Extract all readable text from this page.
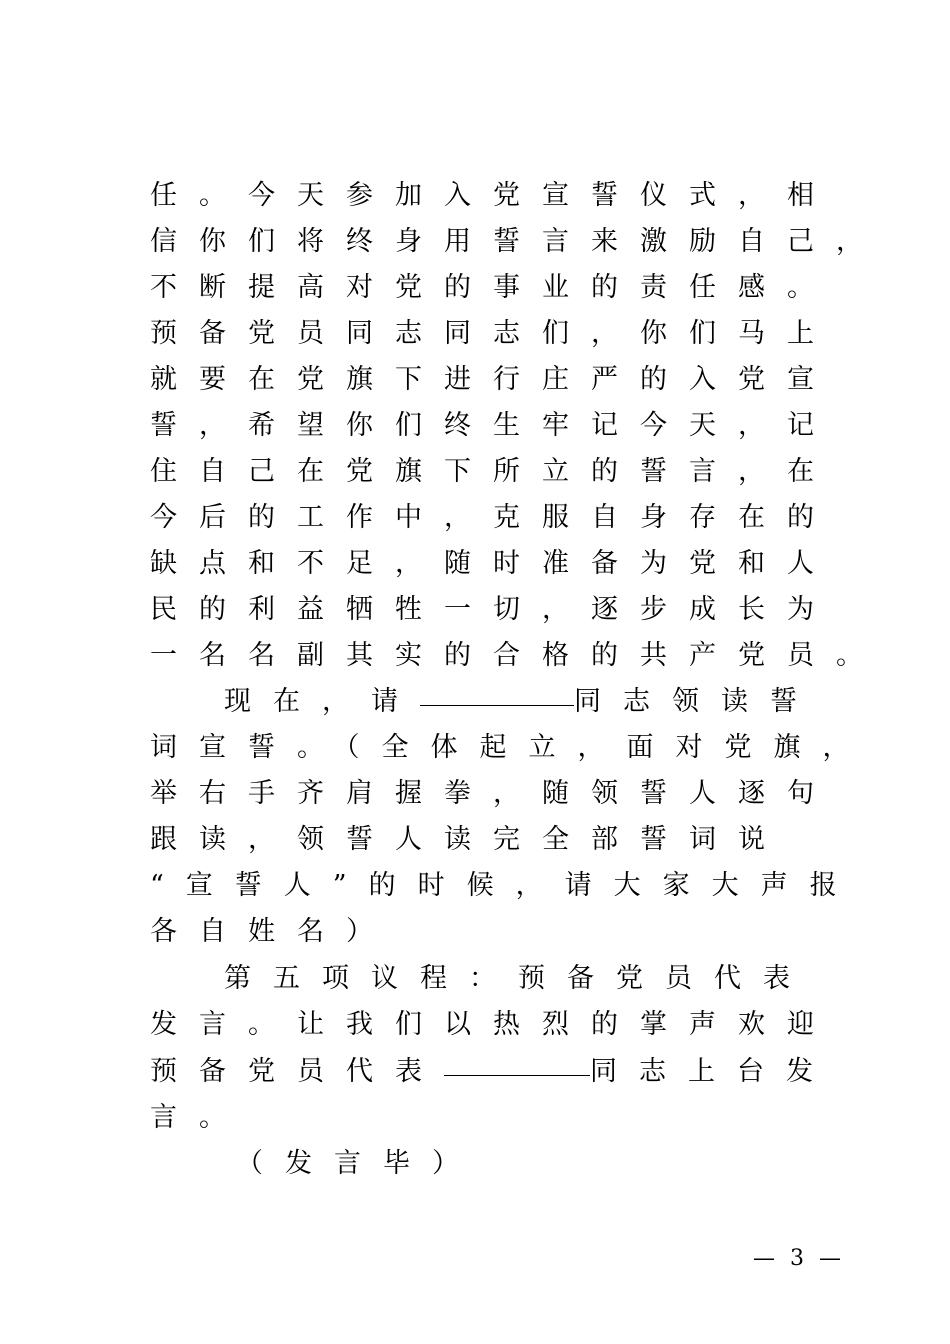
任。今天参加入党宣誓仪式，相
信你们将终身用誓言来激励自己，
不断提高对党的事业的责任感。
预备党员同志同志们，你们马上
就要在党旗下进行庄严的入党宣
誓，希望你们终生牢记今天，记
住自己在党旗下所立的誓言，在
今后的工作中，克服自身存在的
缺点和不足，随时准备为党和人
民的利益牺牲一切，逐步成长为
一名名副其实的合格的共产党员。
现在，请	同志领读誓
词宣誓。（全体起立，面对党旗，
举右手齐肩握拳，随领誓人逐句
跟读，领誓人读完全部誓词说
“宣誓人”的时候，请大家大声报
各自姓名）
第五项议程：预备党员代表
发言。让我们以热烈的掌声欢迎
预备党员代表	同志上台发
言。
（发言毕）
— 3 —
